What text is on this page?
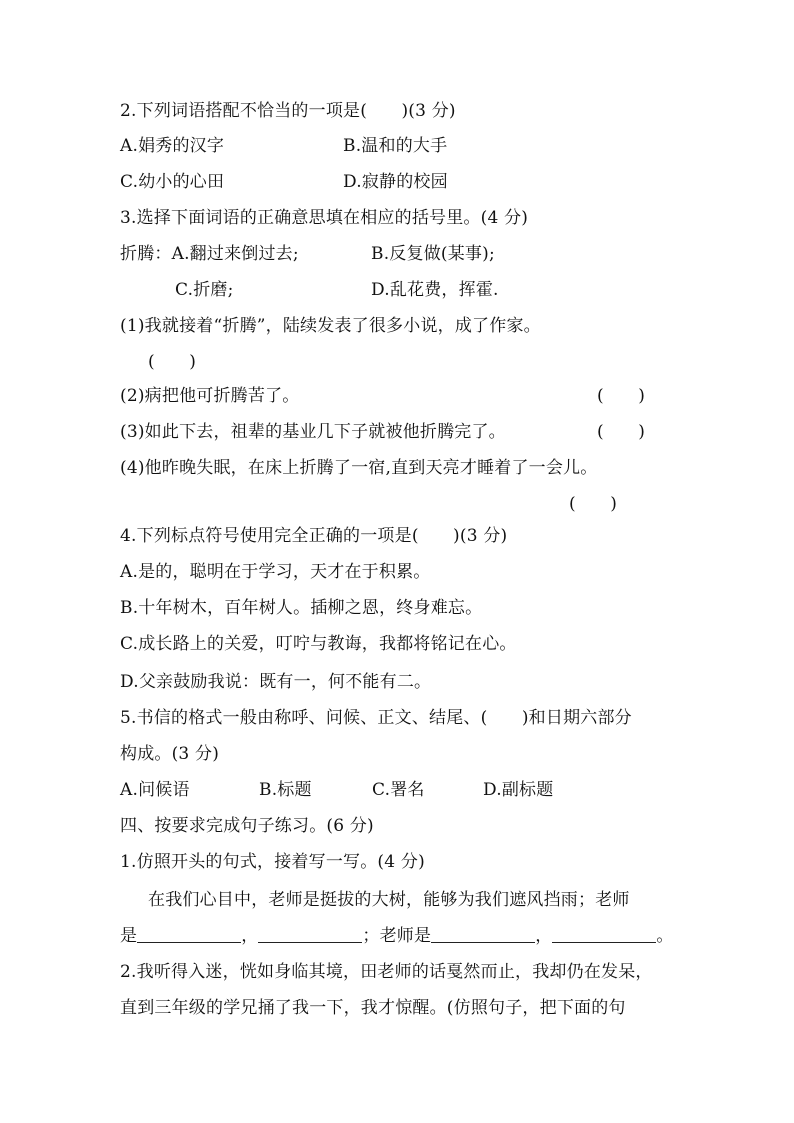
2.下列词语搭配不恰当的一项是(　　)(3 分)
A.娟秀的汉字	B.温和的大手
C.幼小的心田	D.寂静的校园
3.选择下面词语的正确意思填在相应的括号里。(4 分)
折腾：A.翻过来倒过去;	B.反复做(某事);
C.折磨;	D.乱花费，挥霍.
(1)我就接着“折腾”，陆续发表了很多小说，成了作家。
(　　)
(2)病把他可折腾苦了。	(　　)
(3)如此下去，祖辈的基业几下子就被他折腾完了。	(　　)
(4)他昨晚失眠，在床上折腾了一宿,直到天亮才睡着了一会儿。
(　　)
4.下列标点符号使用完全正确的一项是(　　)(3 分)
A.是的，聪明在于学习，天才在于积累。
B.十年树木，百年树人。插柳之恩，终身难忘。
C.成长路上的关爱，叮咛与教诲，我都将铭记在心。
D.父亲鼓励我说：既有一，何不能有二。
5.书信的格式一般由称呼、问候、正文、结尾、(　　)和日期六部分
构成。(3 分)
A.问候语	B.标题	C.署名	D.副标题
四、按要求完成句子练习。(6 分)
1.仿照开头的句式，接着写一写。(4 分)
在我们心目中，老师是挺拔的大树，能够为我们遮风挡雨；老师
是	，	；老师是	，	。
2.我听得入迷，恍如身临其境，田老师的话戛然而止，我却仍在发呆，
直到三年级的学兄捅了我一下，我才惊醒。(仿照句子，把下面的句
